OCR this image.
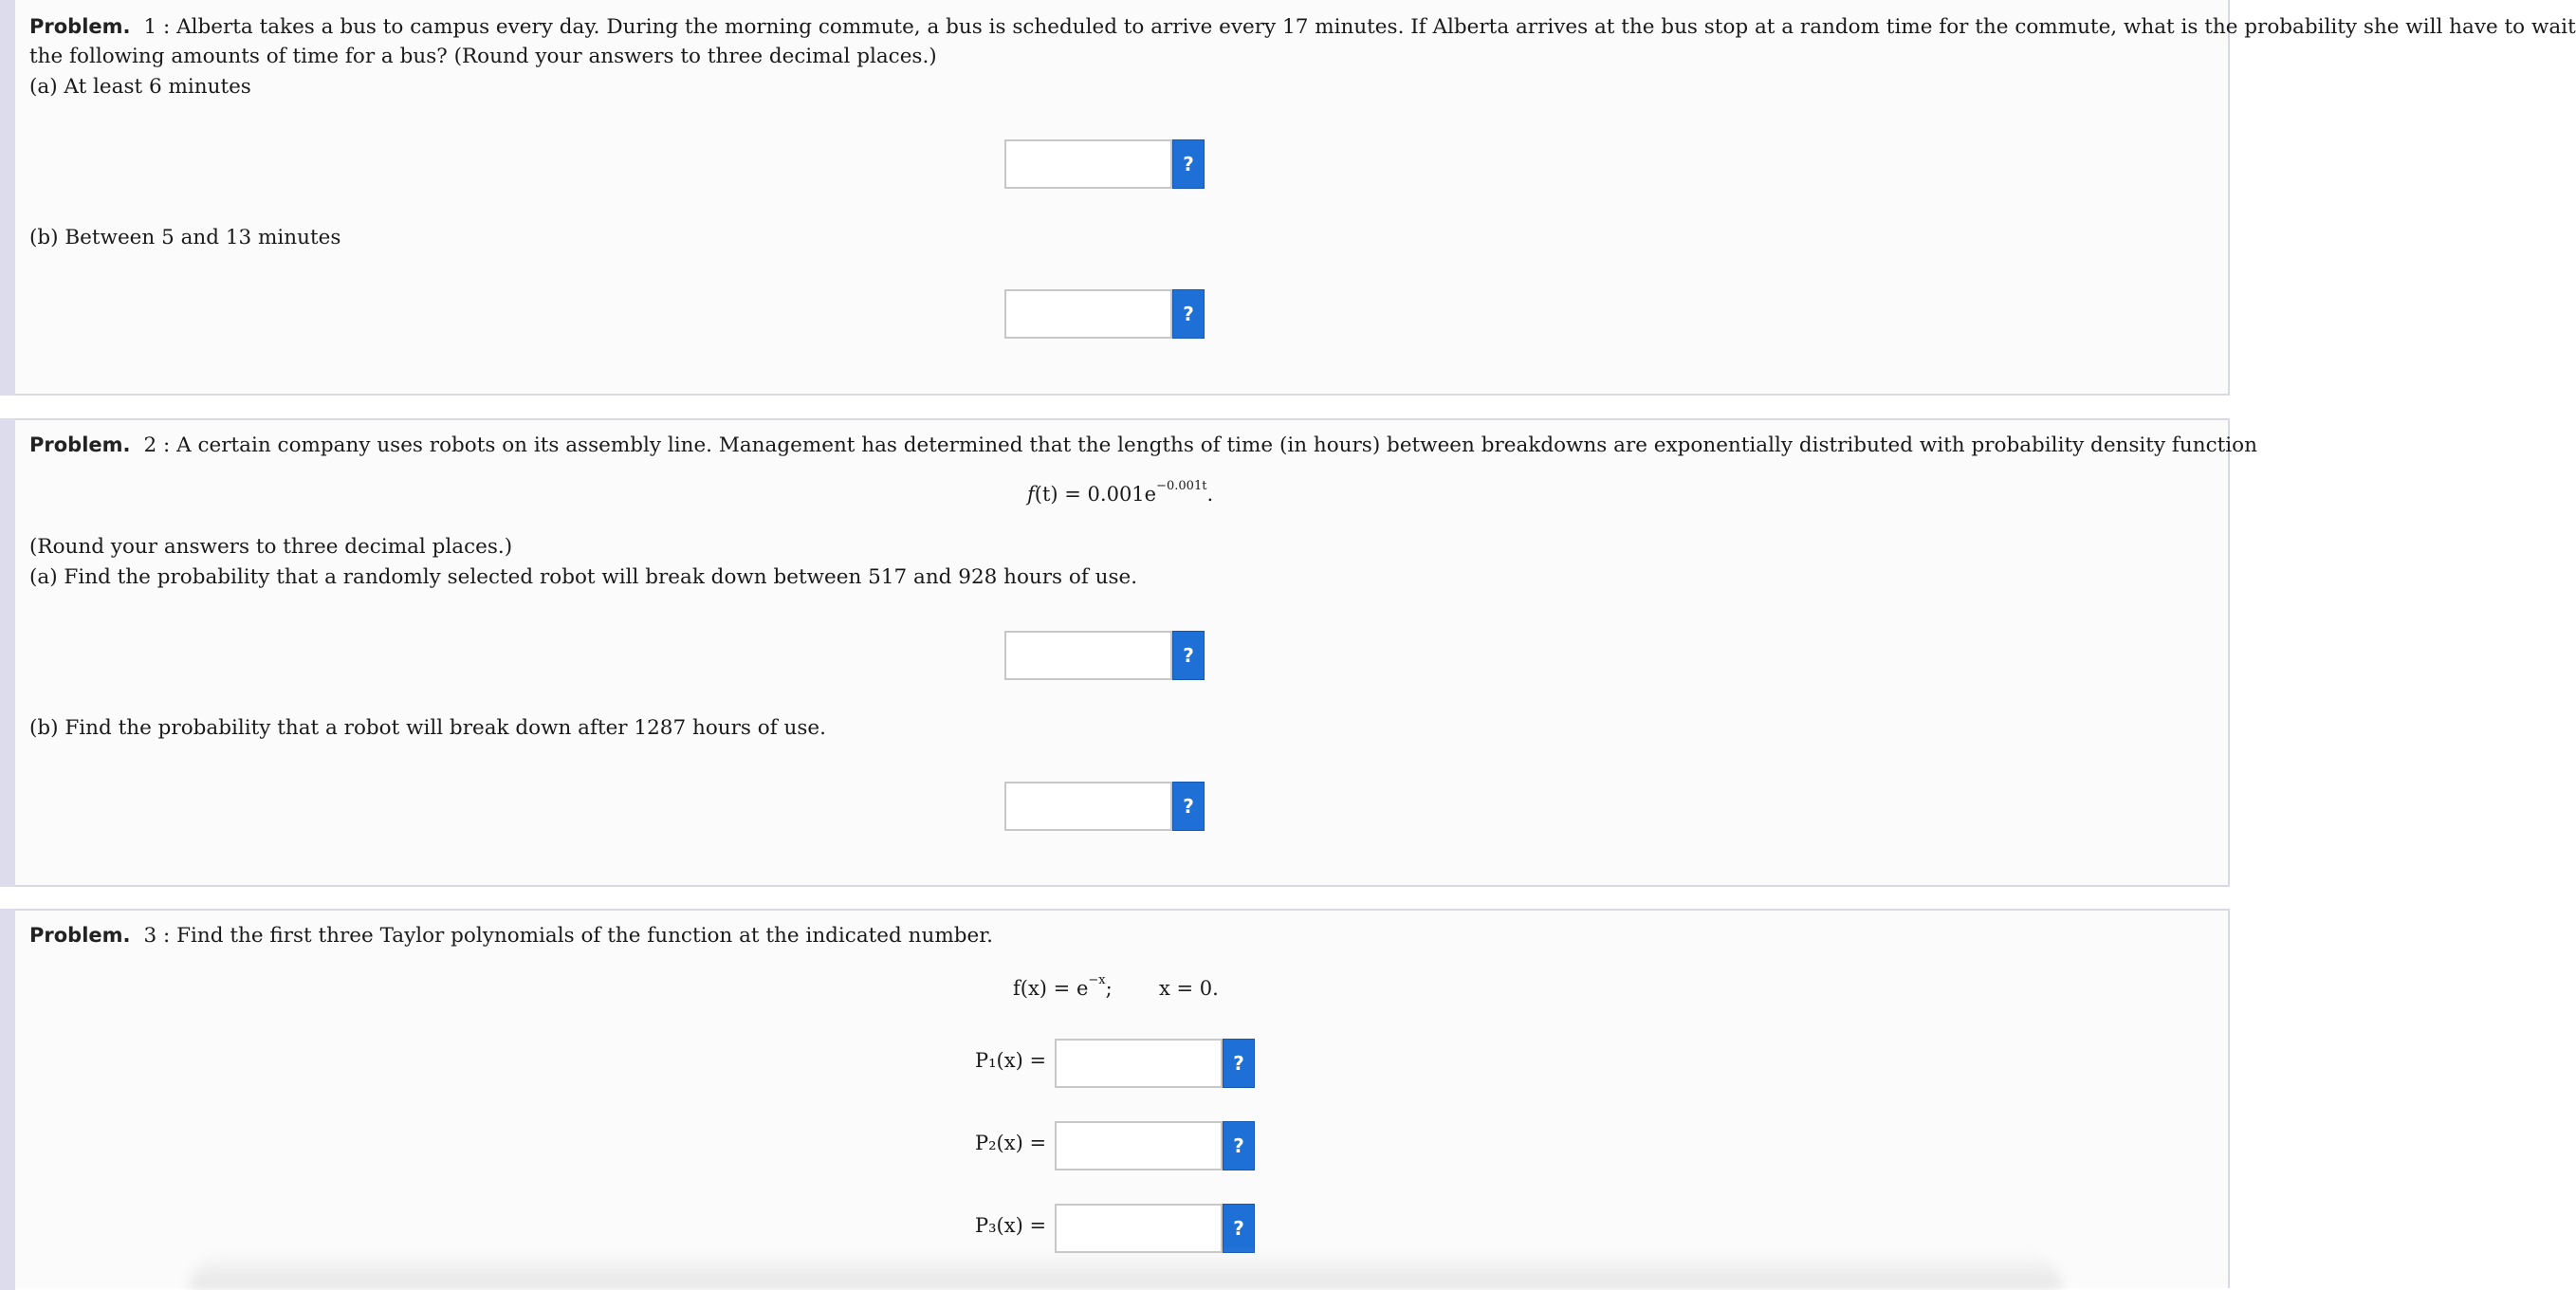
Problem. 1 : Alberta takes a bus to campus every day. During the morning commute, a bus is scheduled to arrive every 17 minutes. If Alberta arrives at the bus stop at a random time for the commute, what is the probability she will have to wait
the following amounts of time for a bus? (Round your answers to three decimal places.)
(a) At least 6 minutes
?
(b) Between 5 and 13 minutes
?
Problem. 2 : A certain company uses robots on its assembly line. Management has determined that the lengths of time (in hours) between breakdowns are exponentially distributed with probability density function
$f(t) = 0.001e^{-0.001t}$.
(Round your answers to three decimal places.)
(a) Find the probability that a randomly selected robot will break down between 517 and 928 hours of use.
?
(b) Find the probability that a robot will break down after 1287 hours of use.
?
Problem. 3 : Find the first three Taylor polynomials of the function at the indicated number.
$f(x) = e^{-x}$; x = 0.
P₁(x) =	?
P₂(x) =	?
P₃(x) =	?
